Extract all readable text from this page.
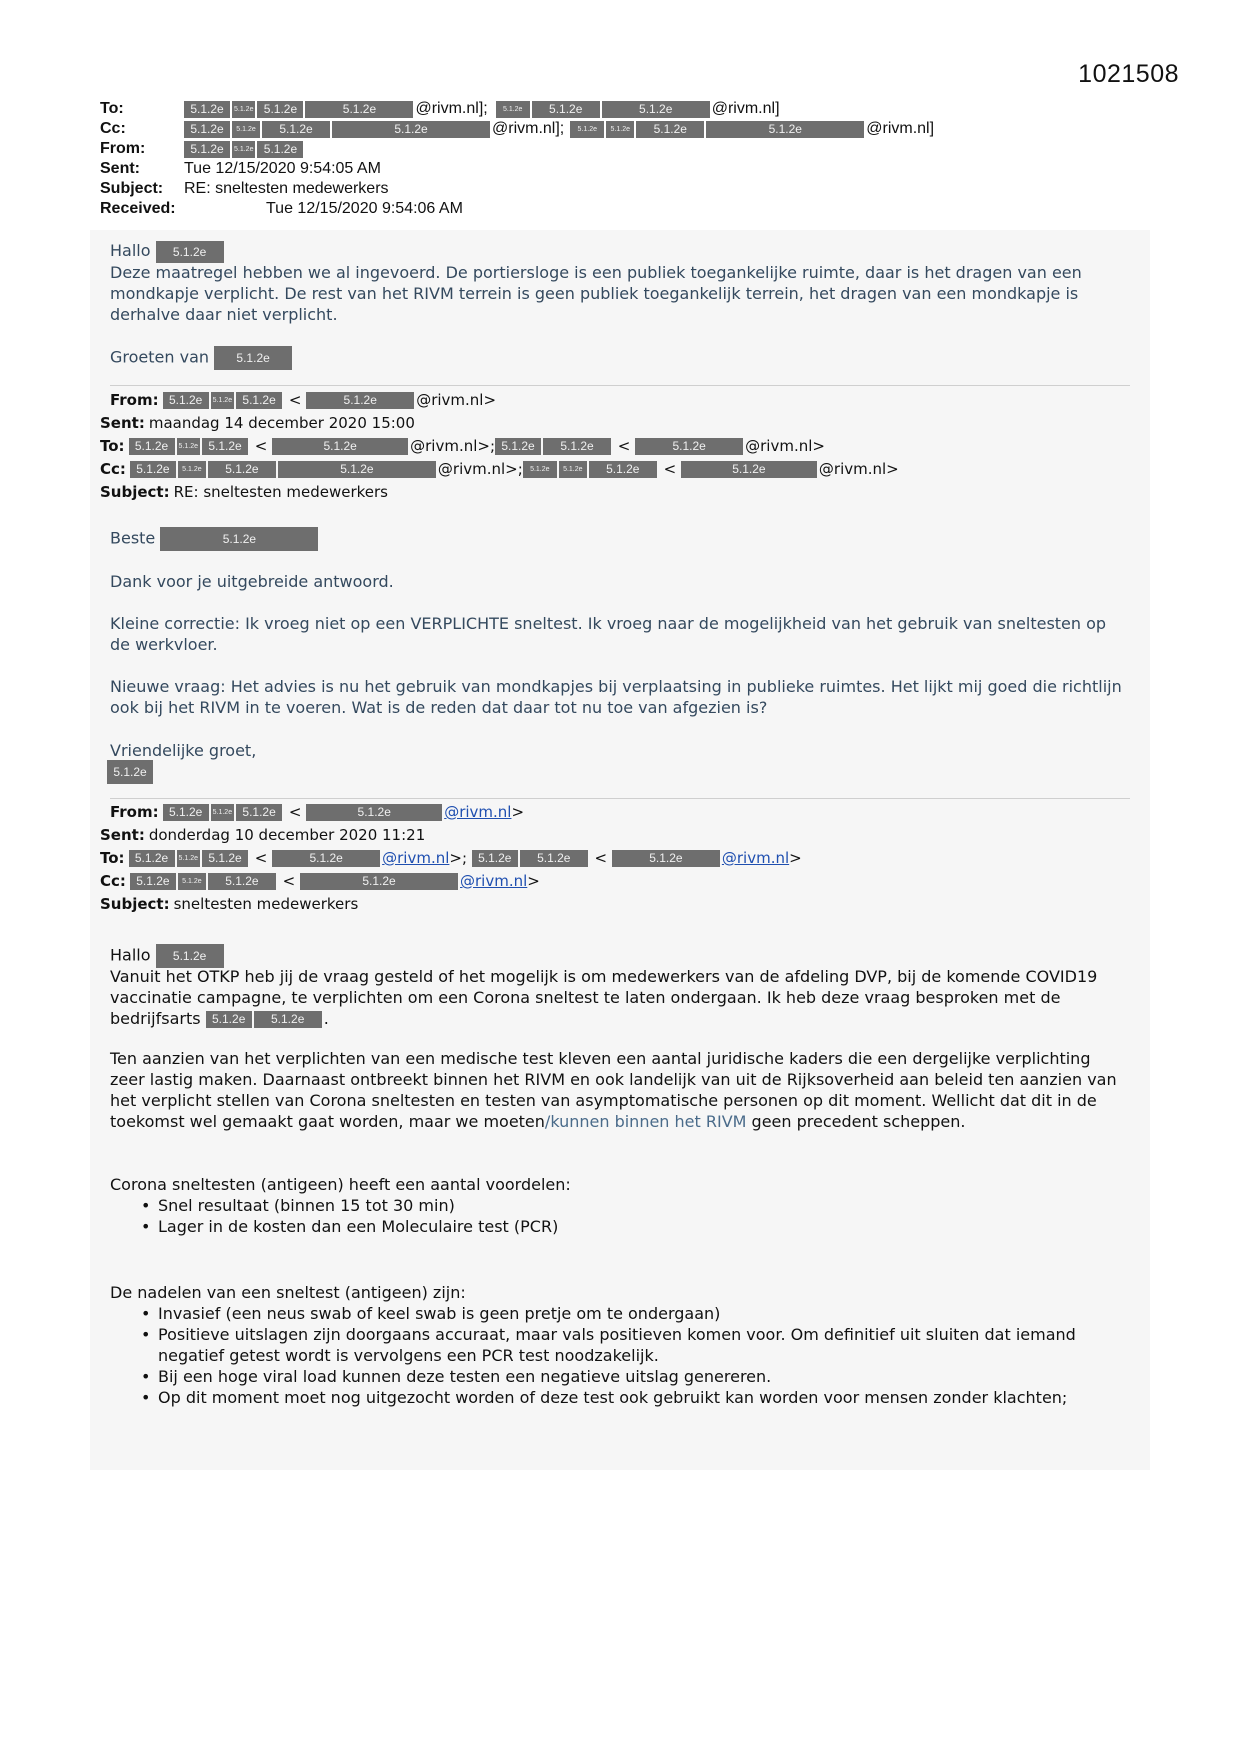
1021508
To:	5.1.2e	5.1.2e 5.1.2e	5.1.2e	@rivm.nl];	5.1.2e	5.1.2e	5.1.2e	@rivm.nl]
Cc:	5.1.2e	5.1.2e	5.1.2e	5.1.2e	@rivm.nl];	5.1.2e	5.1.2e	5.1.2e	5.1.2e	@rivm.nl]
From:	5.1.2e	5.1.2e 5.1.2e
Sent:	Tue 12/15/2020 9:54:05 AM
Subject:	RE: sneltesten medewerkers
Received:	Tue 12/15/2020 9:54:06 AM
Hallo 5.1.2e
Deze maatregel hebben we al ingevoerd. De portiersloge is een publiek toegankelijke ruimte, daar is het dragen van een mondkapje verplicht. De rest van het RIVM terrein is geen publiek toegankelijk terrein, het dragen van een mondkapje is derhalve daar niet verplicht.
Groeten van 5.1.2e
From: 5.1.2e	5.1.2e 5.1.2e <	5.1.2e	@rivm.nl>
Sent: maandag 14 december 2020 15:00
To: 5.1.2e	5.1.2e 5.1.2e <	5.1.2e	@rivm.nl>; 5.1.2e	5.1.2e	<	5.1.2e	@rivm.nl>
Cc: 5.1.2e	5.1.2e	5.1.2e	5.1.2e	@rivm.nl>;	5.1.2e	5.1.2e	5.1.2e	<	5.1.2e	@rivm.nl>
Subject: RE: sneltesten medewerkers
Beste	5.1.2e
Dank voor je uitgebreide antwoord.
Kleine correctie: Ik vroeg niet op een VERPLICHTE sneltest. Ik vroeg naar de mogelijkheid van het gebruik van sneltesten op de werkvloer.
Nieuwe vraag: Het advies is nu het gebruik van mondkapjes bij verplaatsing in publieke ruimtes. Het lijkt mij goed die richtlijn ook bij het RIVM in te voeren. Wat is de reden dat daar tot nu toe van afgezien is?
Vriendelijke groet,
5.1.2e
From: 5.1.2e	5.1.2e 5.1.2e <	5.1.2e	@rivm.nl >
Sent: donderdag 10 december 2020 11:21
To: 5.1.2e	5.1.2e 5.1.2e <	5.1.2e	@rivm.nl >; 5.1.2e	5.1.2e	<	5.1.2e	@rivm.nl >
Cc: 5.1.2e	5.1.2e	5.1.2e	<	5.1.2e	@rivm.nl >
Subject: sneltesten medewerkers
Hallo 5.1.2e
Vanuit het OTKP heb jij de vraag gesteld of het mogelijk is om medewerkers van de afdeling DVP, bij de komende COVID19 vaccinatie campagne, te verplichten om een Corona sneltest te laten ondergaan. Ik heb deze vraag besproken met de bedrijfsarts 5.1.2e 5.1.2e .
Ten aanzien van het verplichten van een medische test kleven een aantal juridische kaders die een dergelijke verplichting zeer lastig maken. Daarnaast ontbreekt binnen het RIVM en ook landelijk van uit de Rijksoverheid aan beleid ten aanzien van het verplicht stellen van Corona sneltesten en testen van asymptomatische personen op dit moment. Wellicht dat dit in de toekomst wel gemaakt gaat worden, maar we moeten/kunnen binnen het RIVM geen precedent scheppen.
Corona sneltesten (antigeen) heeft een aantal voordelen:
• Snel resultaat (binnen 15 tot 30 min)
• Lager in de kosten dan een Moleculaire test (PCR)
De nadelen van een sneltest (antigeen) zijn:
• Invasief (een neus swab of keel swab is geen pretje om te ondergaan)
• Positieve uitslagen zijn doorgaans accuraat, maar vals positieven komen voor. Om definitief uit sluiten dat iemand negatief getest wordt is vervolgens een PCR test noodzakelijk.
• Bij een hoge viral load kunnen deze testen een negatieve uitslag genereren.
• Op dit moment moet nog uitgezocht worden of deze test ook gebruikt kan worden voor mensen zonder klachten;
